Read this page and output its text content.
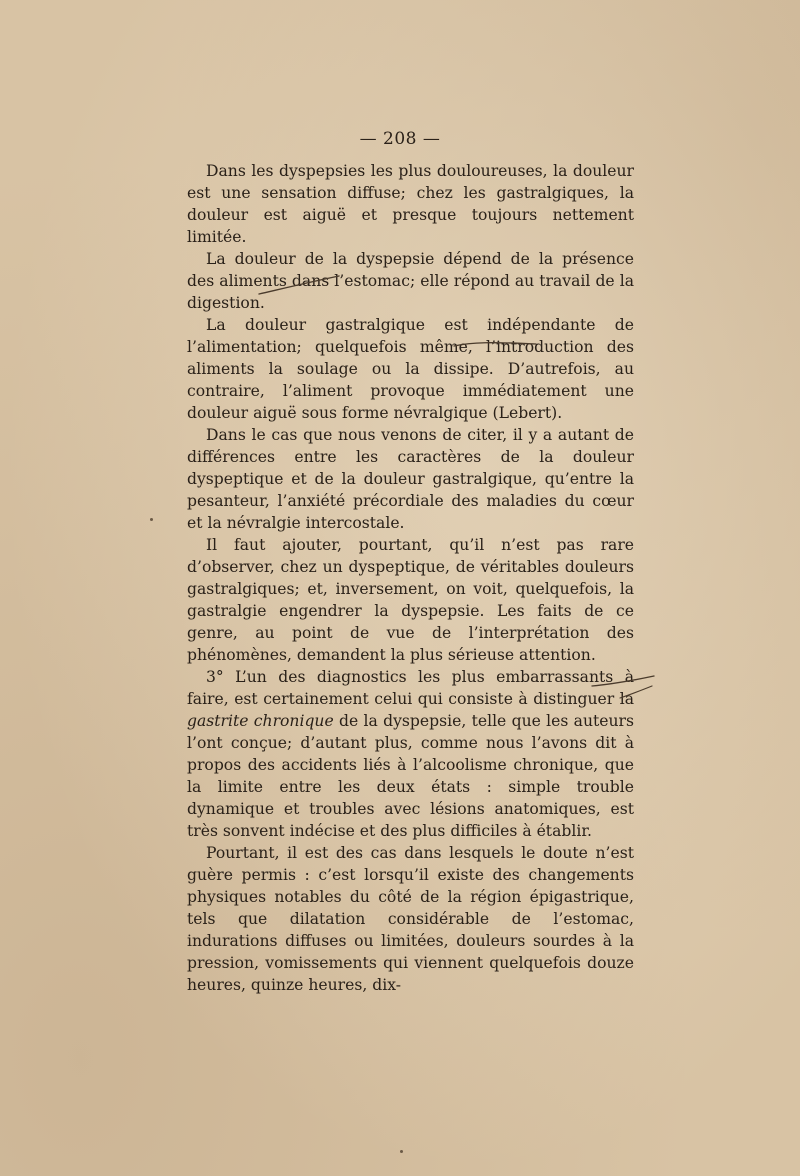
— 208 —

Dans les dyspepsies les plus douloureuses, la douleur est une sensation diffuse; chez les gastralgiques, la douleur est aiguë et presque toujours nettement limitée.

La douleur de la dyspepsie dépend de la présence des aliments dans l’estomac; elle répond au travail de la digestion.

La douleur gastralgique est indépendante de l’alimentation; quelquefois même, l’introduction des aliments la soulage ou la dissipe. D’autrefois, au contraire, l’aliment provoque immédiatement une douleur aiguë sous forme névralgique (Lebert).

Dans le cas que nous venons de citer, il y a autant de différences entre les caractères de la douleur dyspeptique et de la douleur gastralgique, qu’entre la pesanteur, l’anxiété précordiale des maladies du cœur et la névralgie intercostale.

Il faut ajouter, pourtant, qu’il n’est pas rare d’observer, chez un dyspeptique, de véritables douleurs gastralgiques; et, inversement, on voit, quelquefois, la gastralgie engendrer la dyspepsie. Les faits de ce genre, au point de vue de l’interprétation des phénomènes, demandent la plus sérieuse attention.

3° L’un des diagnostics les plus embarrassants à faire, est certainement celui qui consiste à distinguer la gastrite chronique de la dyspepsie, telle que les auteurs l’ont conçue; d’autant plus, comme nous l’avons dit à propos des accidents liés à l’alcoolisme chronique, que la limite entre les deux états : simple trouble dynamique et troubles avec lésions anatomiques, est très sonvent indécise et des plus difficiles à établir.

Pourtant, il est des cas dans lesquels le doute n’est guère permis : c’est lorsqu’il existe des changements physiques notables du côté de la région épigastrique, tels que dilatation considérable de l’estomac, indurations diffuses ou limitées, douleurs sourdes à la pression, vomissements qui viennent quelquefois douze heures, quinze heures, dix-
